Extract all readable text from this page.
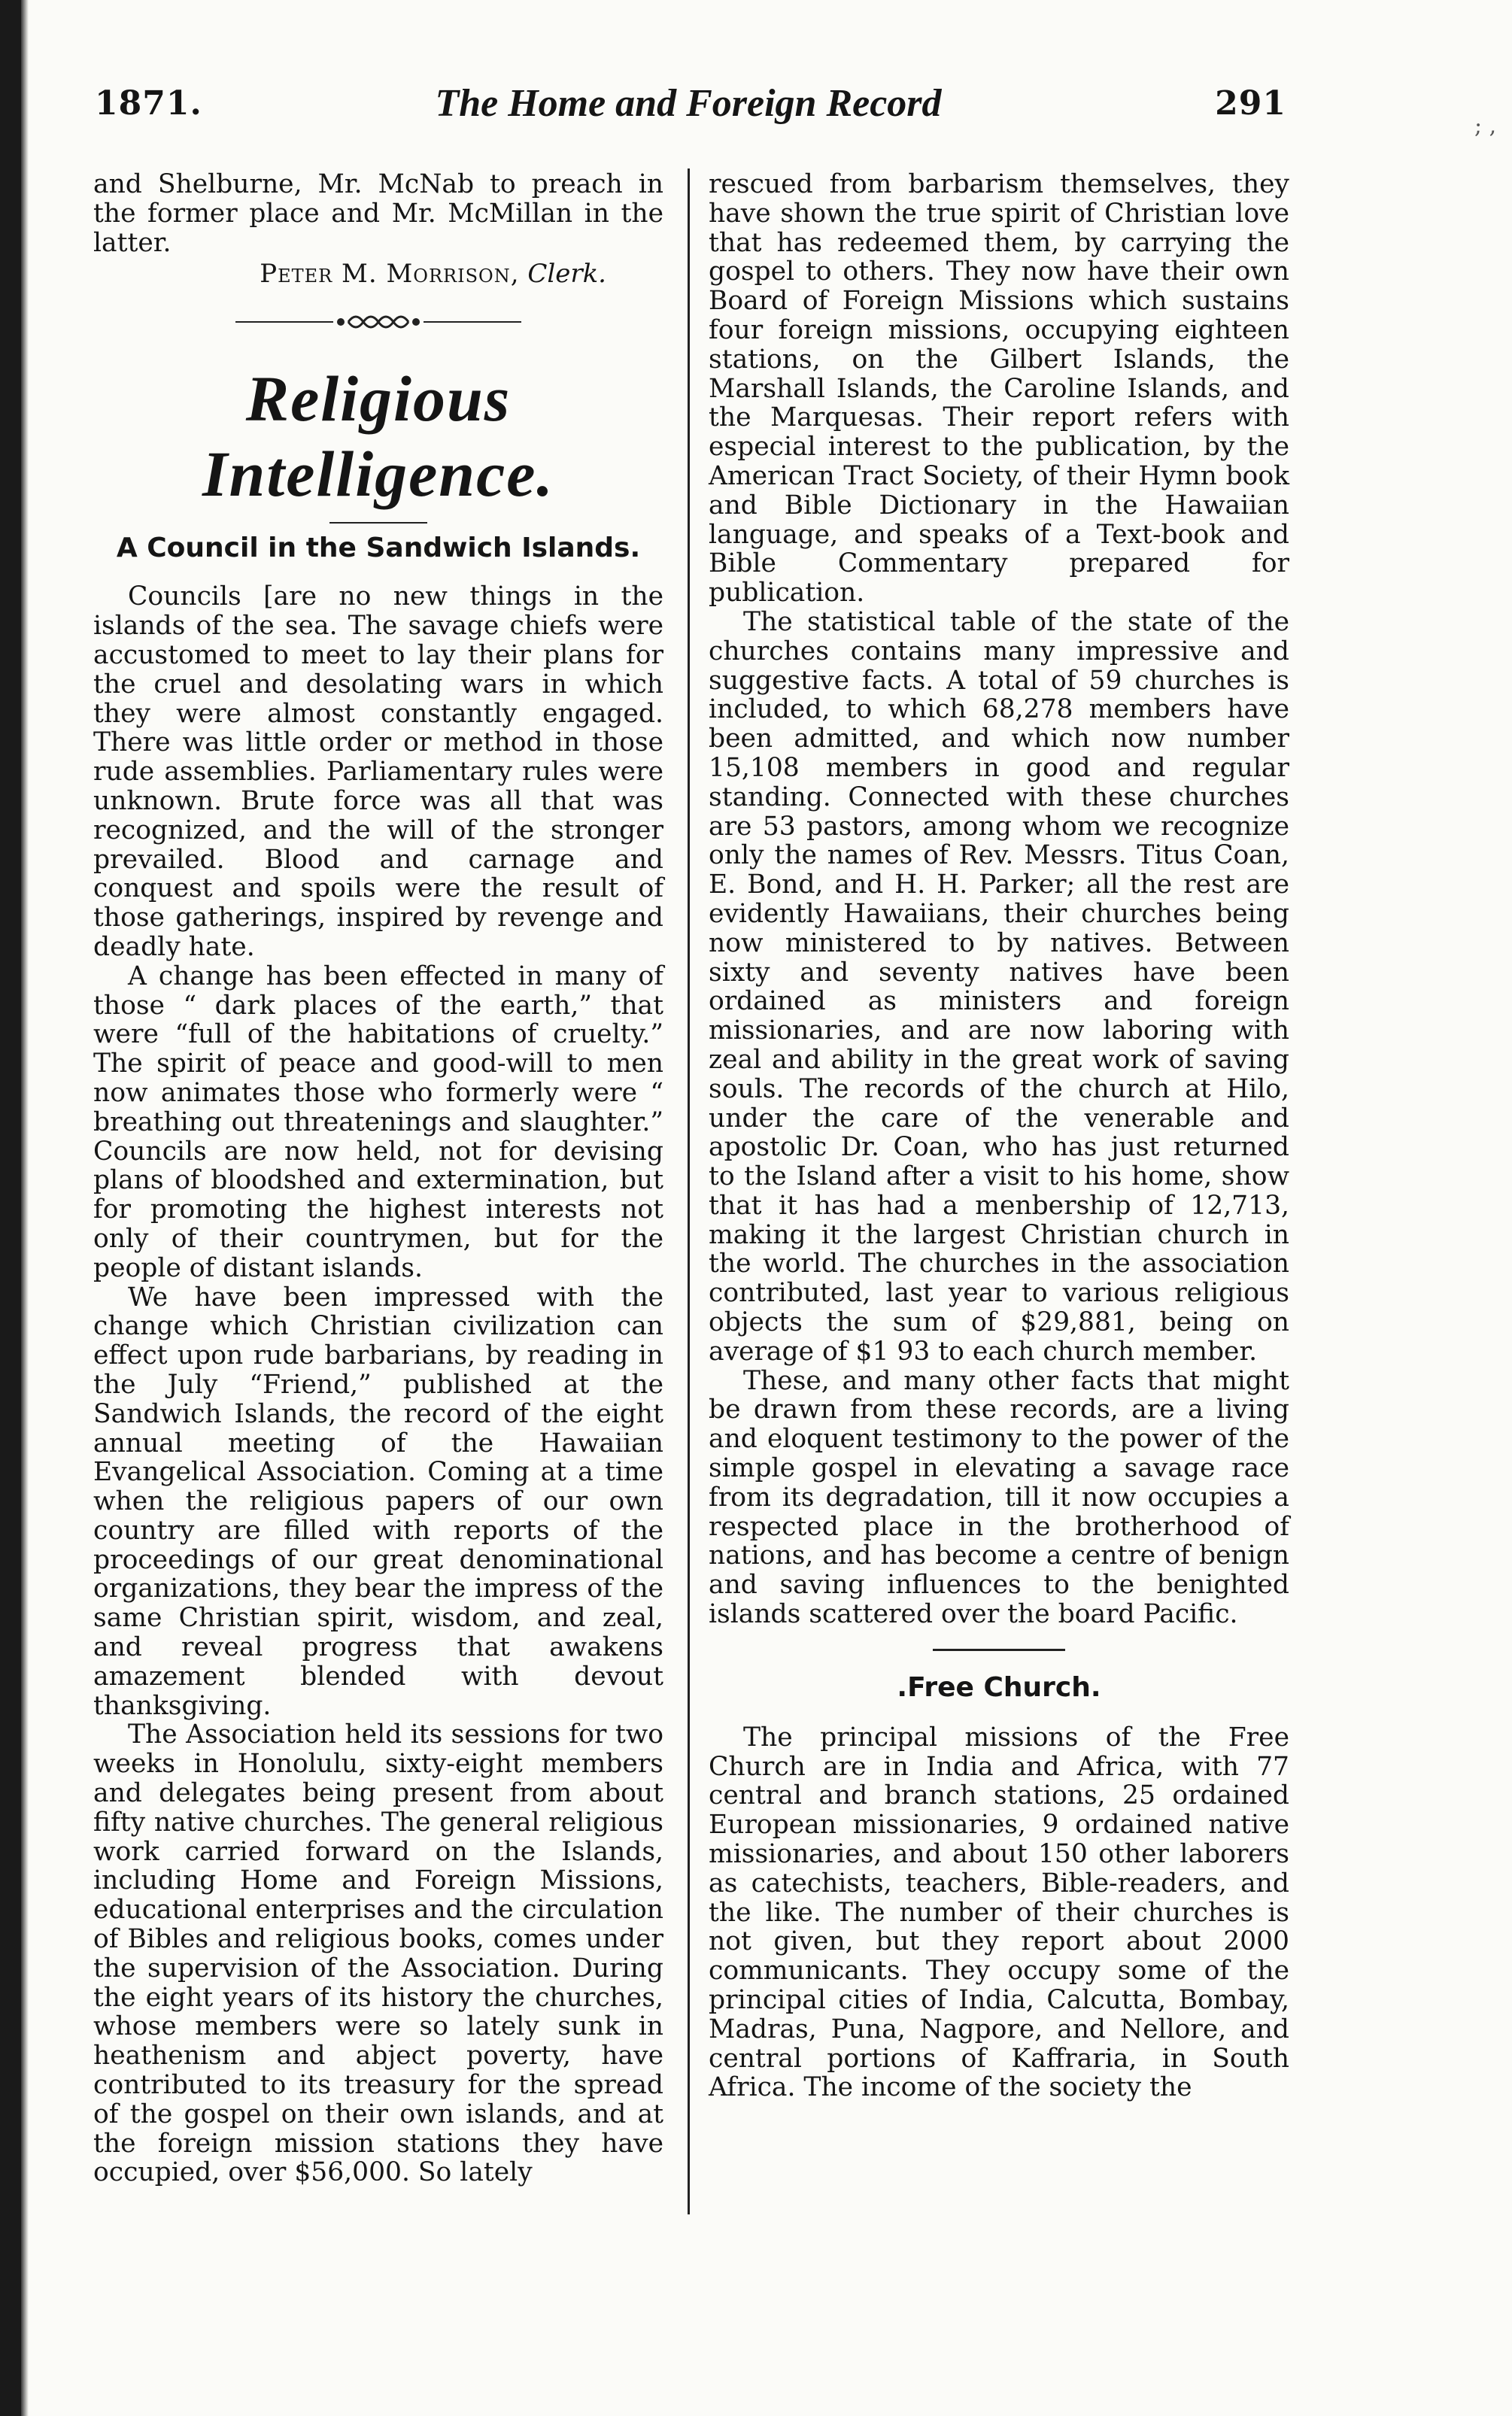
1871.	The Home and Foreign Record	291
; ,

and Shelburne, Mr. McNab to preach in the former place and Mr. McMillan in the latter.

Peter M. Morrison, Clerk.
Religious Intelligence.
A Council in the Sandwich Islands.

Councils [are no new things in the islands of the sea. The savage chiefs were accustomed to meet to lay their plans for the cruel and desolating wars in which they were almost constantly engaged. There was little order or method in those rude assemblies. Parliamentary rules were unknown. Brute force was all that was recognized, and the will of the stronger prevailed. Blood and carnage and conquest and spoils were the result of those gatherings, inspired by revenge and deadly hate.

A change has been effected in many of those “ dark places of the earth,” that were “full of the habitations of cruelty.” The spirit of peace and good-will to men now animates those who formerly were “ breathing out threatenings and slaughter.” Councils are now held, not for devising plans of bloodshed and extermination, but for promoting the highest interests not only of their countrymen, but for the people of distant islands.

We have been impressed with the change which Christian civilization can effect upon rude barbarians, by reading in the July “Friend,” published at the Sandwich Islands, the record of the eight annual meeting of the Hawaiian Evangelical Association. Coming at a time when the religious papers of our own country are filled with reports of the proceedings of our great denominational organizations, they bear the impress of the same Christian spirit, wisdom, and zeal, and reveal progress that awakens amazement blended with devout thanksgiving.

The Association held its sessions for two weeks in Honolulu, sixty-eight members and delegates being present from about fifty native churches. The general religious work carried forward on the Islands, including Home and Foreign Missions, educational enterprises and the circulation of Bibles and religious books, comes under the supervision of the Association. During the eight years of its history the churches, whose members were so lately sunk in heathenism and abject poverty, have contributed to its treasury for the spread of the gospel on their own islands, and at the foreign mission stations they have occupied, over $56,000. So lately

rescued from barbarism themselves, they have shown the true spirit of Christian love that has redeemed them, by carrying the gospel to others. They now have their own Board of Foreign Missions which sustains four foreign missions, occupying eighteen stations, on the Gilbert Islands, the Marshall Islands, the Caroline Islands, and the Marquesas. Their report refers with especial interest to the publication, by the American Tract Society, of their Hymn book and Bible Dictionary in the Hawaiian language, and speaks of a Text-book and Bible Commentary prepared for publication.

The statistical table of the state of the churches contains many impressive and suggestive facts. A total of 59 churches is included, to which 68,278 members have been admitted, and which now number 15,108 members in good and regular standing. Connected with these churches are 53 pastors, among whom we recognize only the names of Rev. Messrs. Titus Coan, E. Bond, and H. H. Parker; all the rest are evidently Hawaiians, their churches being now ministered to by natives. Between sixty and seventy natives have been ordained as ministers and foreign missionaries, and are now laboring with zeal and ability in the great work of saving souls. The records of the church at Hilo, under the care of the venerable and apostolic Dr. Coan, who has just returned to the Island after a visit to his home, show that it has had a menbership of 12,713, making it the largest Christian church in the world. The churches in the association contributed, last year to various religious objects the sum of $29,881, being on average of $1 93 to each church member.

These, and many other facts that might be drawn from these records, are a living and eloquent testimony to the power of the simple gospel in elevating a savage race from its degradation, till it now occupies a respected place in the brotherhood of nations, and has become a centre of benign and saving influences to the benighted islands scattered over the board Pacific.

.Free Church.

The principal missions of the Free Church are in India and Africa, with 77 central and branch stations, 25 ordained European missionaries, 9 ordained native missionaries, and about 150 other laborers as catechists, teachers, Bible-readers, and the like. The number of their churches is not given, but they report about 2000 communicants. They occupy some of the principal cities of India, Calcutta, Bombay, Madras, Puna, Nagpore, and Nellore, and central portions of Kaffraria, in South Africa. The income of the society the
